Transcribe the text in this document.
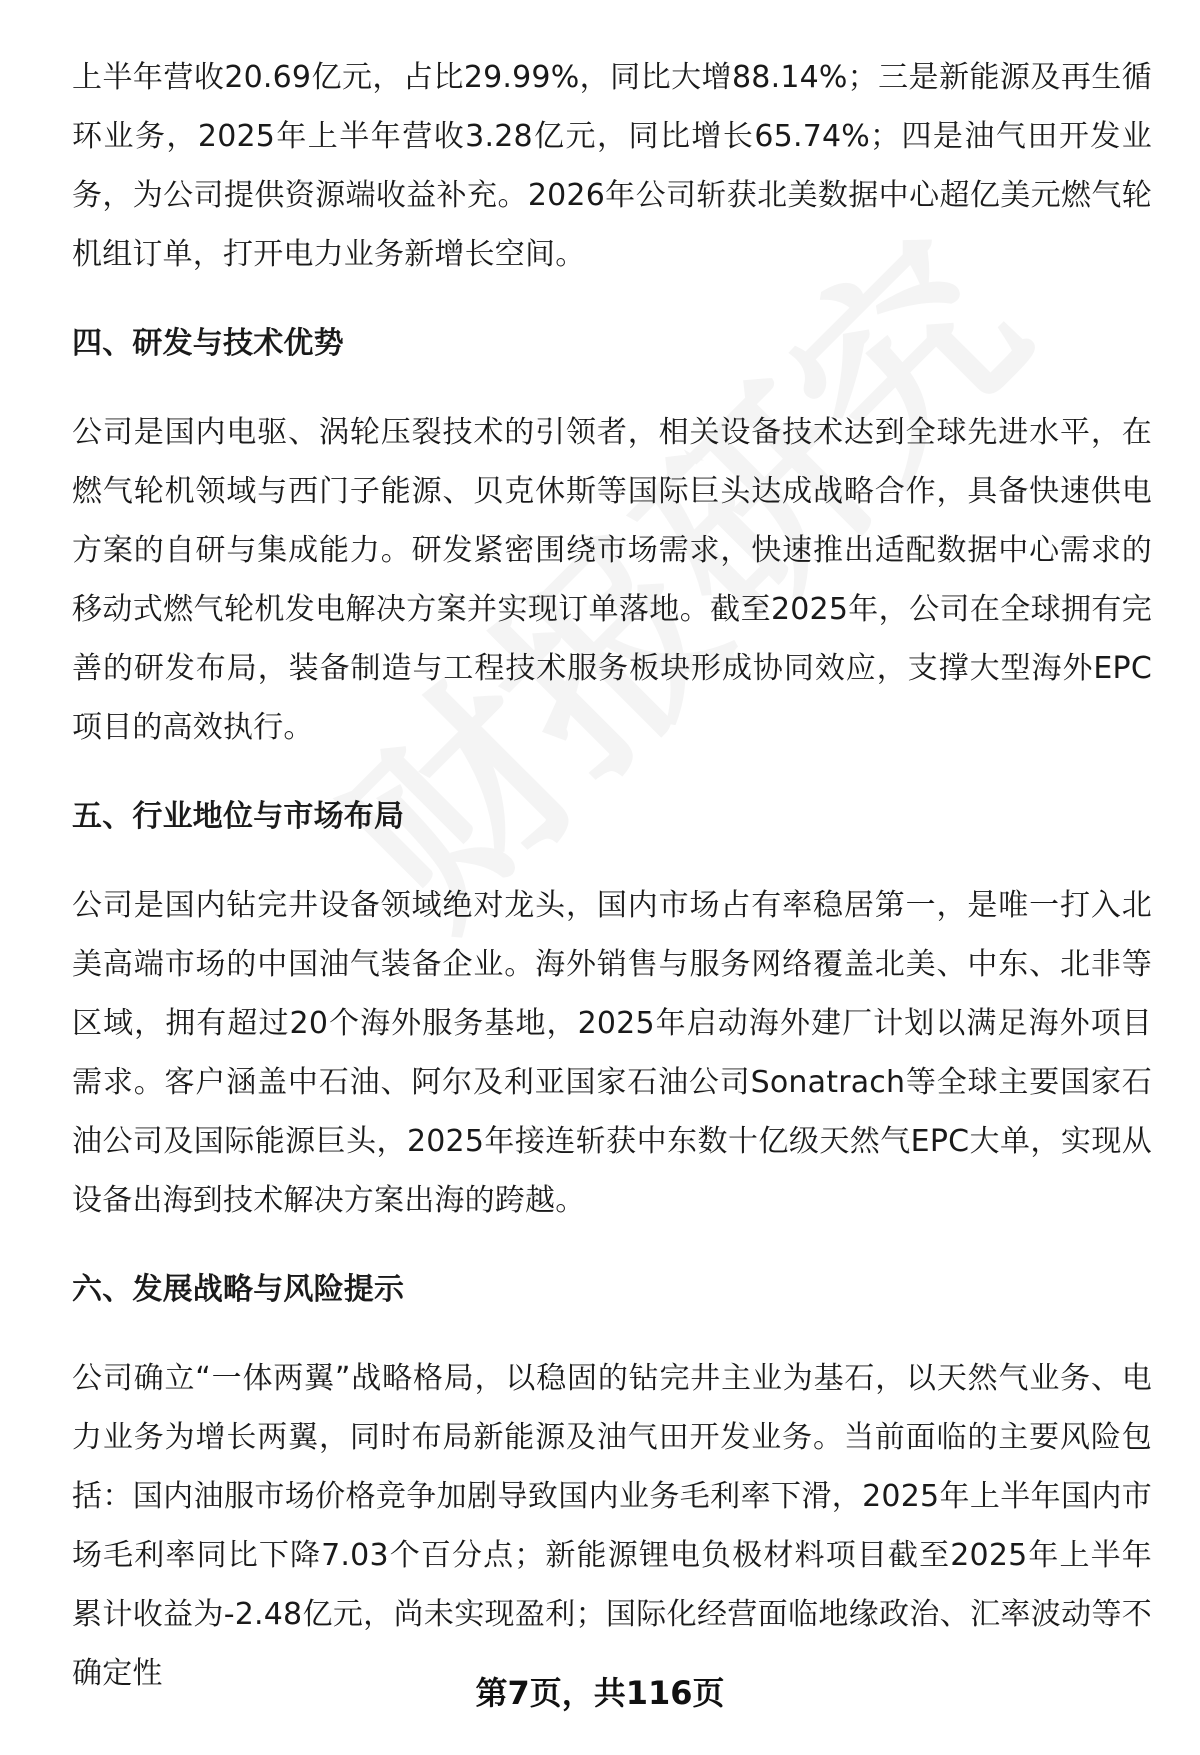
上半年营收20.69亿元，占比29.99%，同比大增88.14%；三是新能源及再生循环业务，2025年上半年营收3.28亿元，同比增长65.74%；四是油气田开发业务，为公司提供资源端收益补充。2026年公司斩获北美数据中心超亿美元燃气轮机组订单，打开电力业务新增长空间。

四、研发与技术优势

公司是国内电驱、涡轮压裂技术的引领者，相关设备技术达到全球先进水平，在燃气轮机领域与西门子能源、贝克休斯等国际巨头达成战略合作，具备快速供电方案的自研与集成能力。研发紧密围绕市场需求，快速推出适配数据中心需求的移动式燃气轮机发电解决方案并实现订单落地。截至2025年，公司在全球拥有完善的研发布局，装备制造与工程技术服务板块形成协同效应，支撑大型海外EPC项目的高效执行。

五、行业地位与市场布局

公司是国内钻完井设备领域绝对龙头，国内市场占有率稳居第一，是唯一打入北美高端市场的中国油气装备企业。海外销售与服务网络覆盖北美、中东、北非等区域，拥有超过20个海外服务基地，2025年启动海外建厂计划以满足海外项目需求。客户涵盖中石油、阿尔及利亚国家石油公司Sonatrach等全球主要国家石油公司及国际能源巨头，2025年接连斩获中东数十亿级天然气EPC大单，实现从设备出海到技术解决方案出海的跨越。

六、发展战略与风险提示

公司确立“一体两翼”战略格局，以稳固的钻完井主业为基石，以天然气业务、电力业务为增长两翼，同时布局新能源及油气田开发业务。当前面临的主要风险包括：国内油服市场价格竞争加剧导致国内业务毛利率下滑，2025年上半年国内市场毛利率同比下降7.03个百分点；新能源锂电负极材料项目截至2025年上半年累计收益为-2.48亿元，尚未实现盈利；国际化经营面临地缘政治、汇率波动等不确定性

第7页，共116页
